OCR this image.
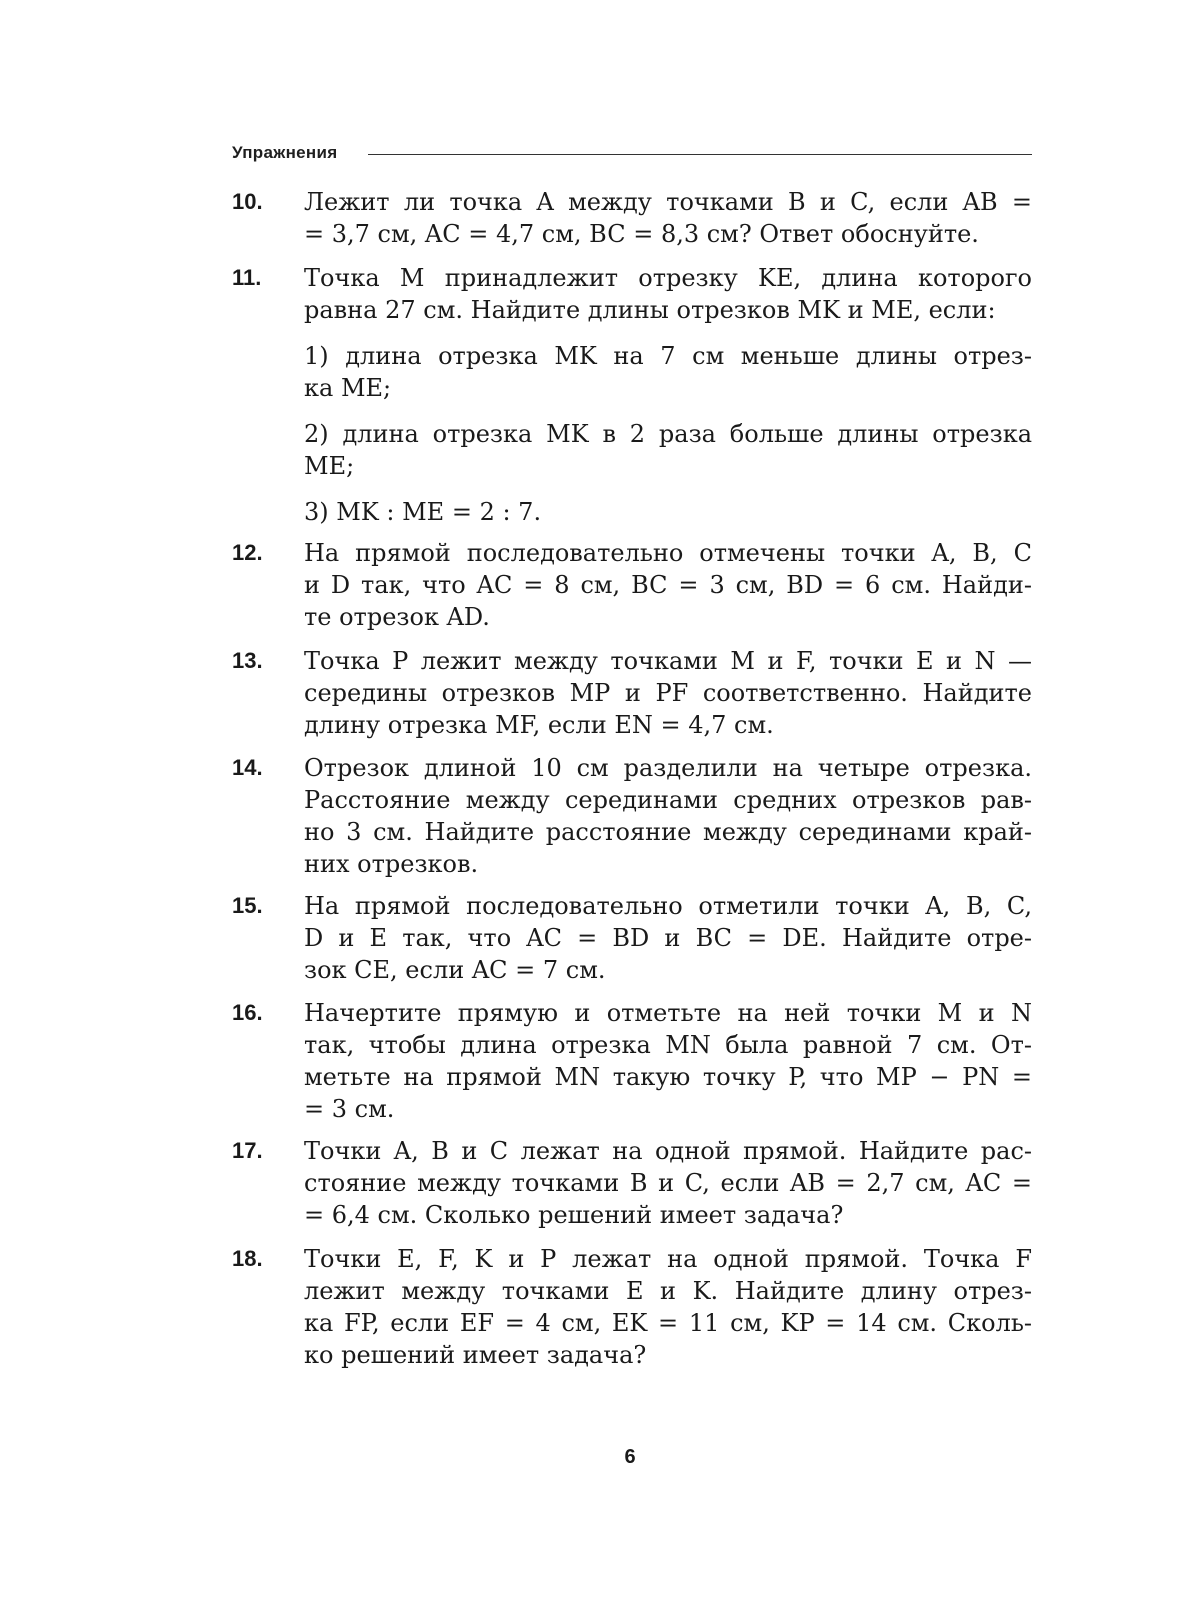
Упражнения
10. Лежит ли точка A между точками B и C, если AB =
= 3,7 см, AC = 4,7 см, BC = 8,3 см? Ответ обоснуйте.
11. Точка M принадлежит отрезку KE, длина которого
равна 27 см. Найдите длины отрезков MK и ME, если:
1) длина отрезка MK на 7 см меньше длины отрез-
ка ME;
2) длина отрезка MK в 2 раза больше длины отрезка
ME;
3) MK : ME = 2 : 7.
12. На прямой последовательно отмечены точки A, B, C
и D так, что AC = 8 см, BC = 3 см, BD = 6 см. Найди-
те отрезок AD.
13. Точка P лежит между точками M и F, точки E и N —
середины отрезков MP и PF соответственно. Найдите
длину отрезка MF, если EN = 4,7 см.
14. Отрезок длиной 10 см разделили на четыре отрезка.
Расстояние между серединами средних отрезков рав-
но 3 см. Найдите расстояние между серединами край-
них отрезков.
15. На прямой последовательно отметили точки A, B, C,
D и E так, что AC = BD и BC = DE. Найдите отре-
зок CE, если AC = 7 см.
16. Начертите прямую и отметьте на ней точки M и N
так, чтобы длина отрезка MN была равной 7 см. От-
метьте на прямой MN такую точку P, что MP − PN =
= 3 см.
17. Точки A, B и C лежат на одной прямой. Найдите рас-
стояние между точками B и C, если AB = 2,7 см, AC =
= 6,4 см. Сколько решений имеет задача?
18. Точки E, F, K и P лежат на одной прямой. Точка F
лежит между точками E и K. Найдите длину отрез-
ка FP, если EF = 4 см, EK = 11 см, KP = 14 см. Сколь-
ко решений имеет задача?
6
